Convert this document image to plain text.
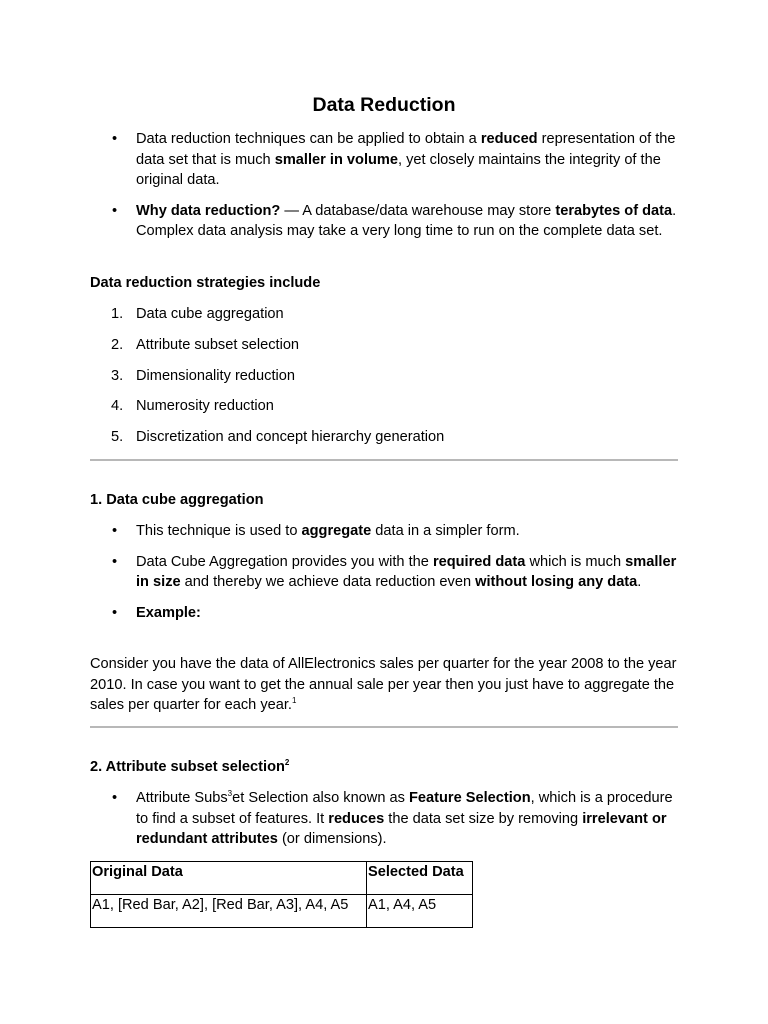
Data Reduction
• Data reduction techniques can be applied to obtain a reduced representation of the data set that is much smaller in volume, yet closely maintains the integrity of the original data.
• Why data reduction? — A database/data warehouse may store terabytes of data. Complex data analysis may take a very long time to run on the complete data set.
Data reduction strategies include
1. Data cube aggregation
2. Attribute subset selection
3. Dimensionality reduction
4. Numerosity reduction
5. Discretization and concept hierarchy generation
1. Data cube aggregation
• This technique is used to aggregate data in a simpler form.
• Data Cube Aggregation provides you with the required data which is much smaller in size and thereby we achieve data reduction even without losing any data.
• Example:
Consider you have the data of AllElectronics sales per quarter for the year 2008 to the year 2010. In case you want to get the annual sale per year then you just have to aggregate the sales per quarter for each year.$^1$
2. Attribute subset selection$^2$
• Attribute Subs$^3$et Selection also known as Feature Selection, which is a procedure to find a subset of features. It reduces the data set size by removing irrelevant or redundant attributes (or dimensions).
Original Data	Selected Data
A1, [Red Bar, A2], [Red Bar, A3], A4, A5	A1, A4, A5
